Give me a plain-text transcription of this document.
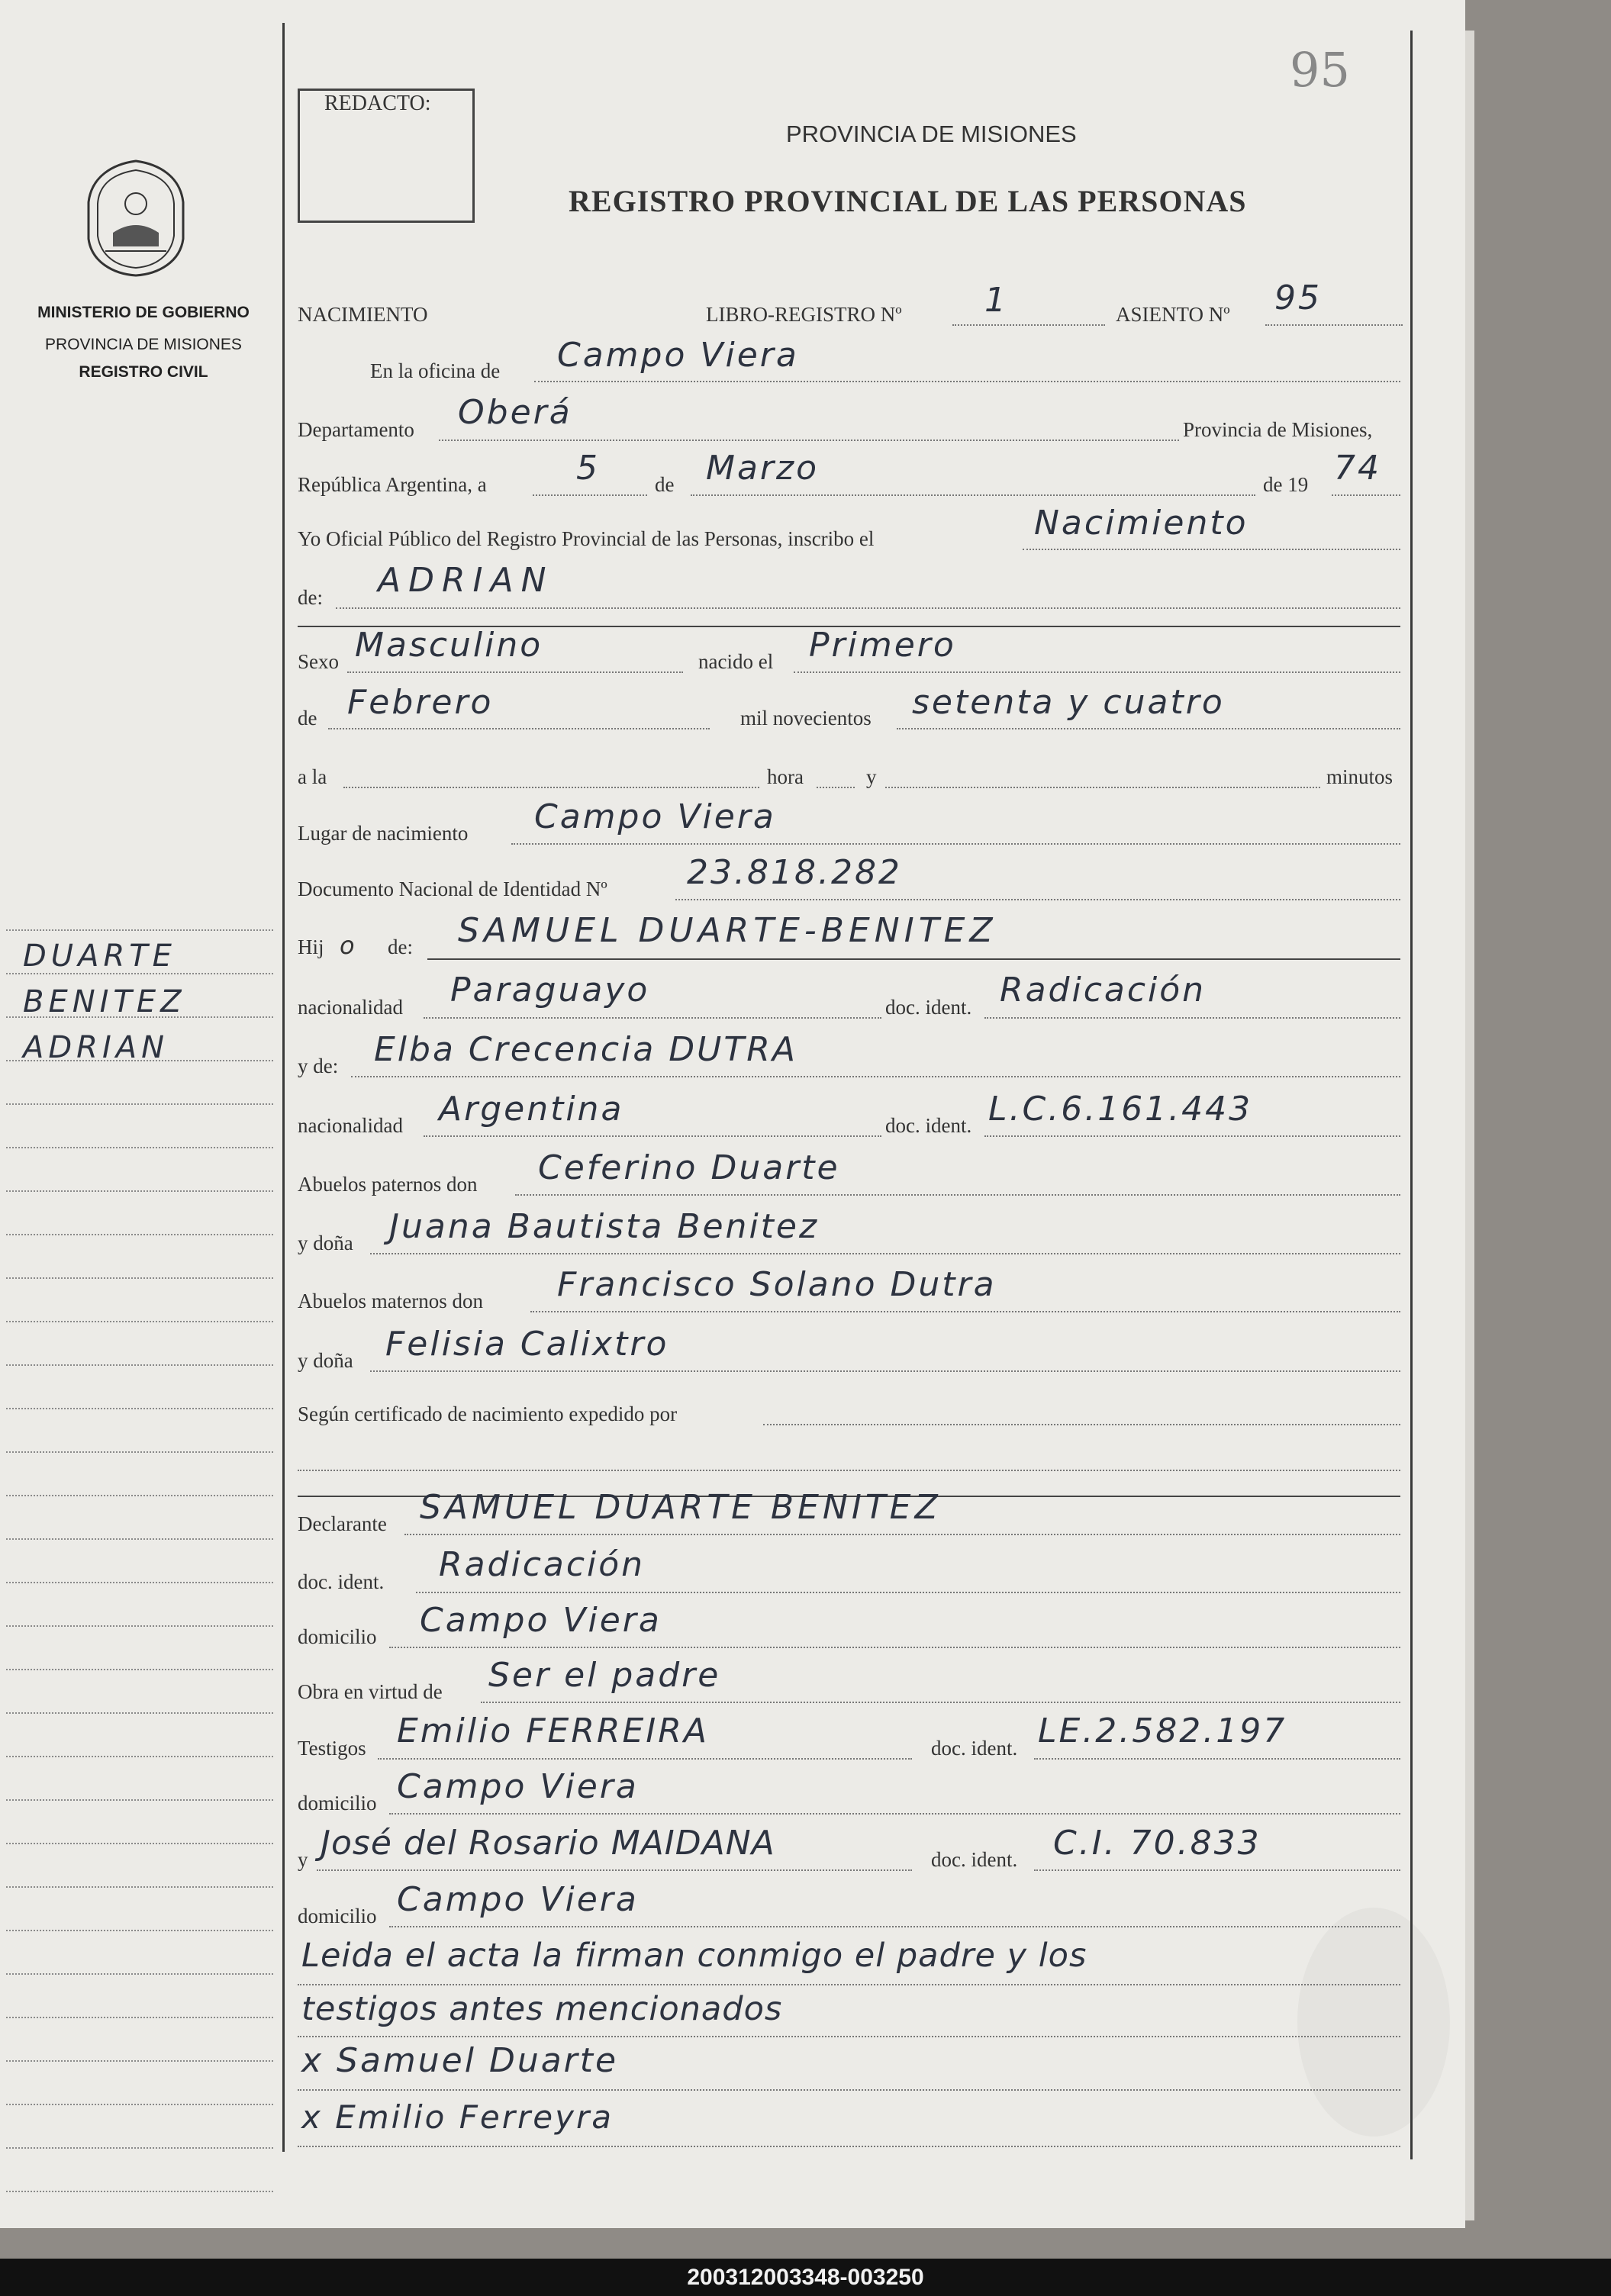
MINISTERIO DE GOBIERNO
PROVINCIA DE MISIONES
REGISTRO CIVIL
DUARTE
BENITEZ
ADRIAN
95
REDACTO:
PROVINCIA DE MISIONES
REGISTRO PROVINCIAL DE LAS PERSONAS
NACIMIENTO	LIBRO-REGISTRO Nº 1	ASIENTO Nº 95
En la oficina de Campo Viera
Departamento Oberá	Provincia de Misiones,
República Argentina, a	5	de Marzo	de 19 74
Yo Oficial Público del Registro Provincial de las Personas, inscribo el	Nacimiento
de: ADRIAN
Sexo Masculino	nacido el Primero
de Febrero	mil novecientos setenta y cuatro
a la	hora	y	minutos
Lugar de nacimiento Campo Viera
Documento Nacional de Identidad Nº 23.818.282
Hij o de: SAMUEL DUARTE-BENITEZ
nacionalidad Paraguayo	doc. ident. Radicación
y de: Elba Crecencia DUTRA
nacionalidad Argentina	doc. ident. L.C.6.161.443
Abuelos paternos don Ceferino Duarte
y doña Juana Bautista Benitez
Abuelos maternos don Francisco Solano Dutra
y doña Felisia Calixtro
Según certificado de nacimiento expedido por
Declarante SAMUEL DUARTE BENITEZ
doc. ident. Radicación
domicilio Campo Viera
Obra en virtud de Ser el padre
Testigos Emilio FERREIRA	doc. ident. LE.2.582.197
domicilio Campo Viera
y José del Rosario MAIDANA	doc. ident. C.I. 70.833
domicilio Campo Viera
Leida el acta la firman conmigo el padre y los
testigos antes mencionados
x Samuel Duarte
x Emilio Ferreyra
200312003348-003250
